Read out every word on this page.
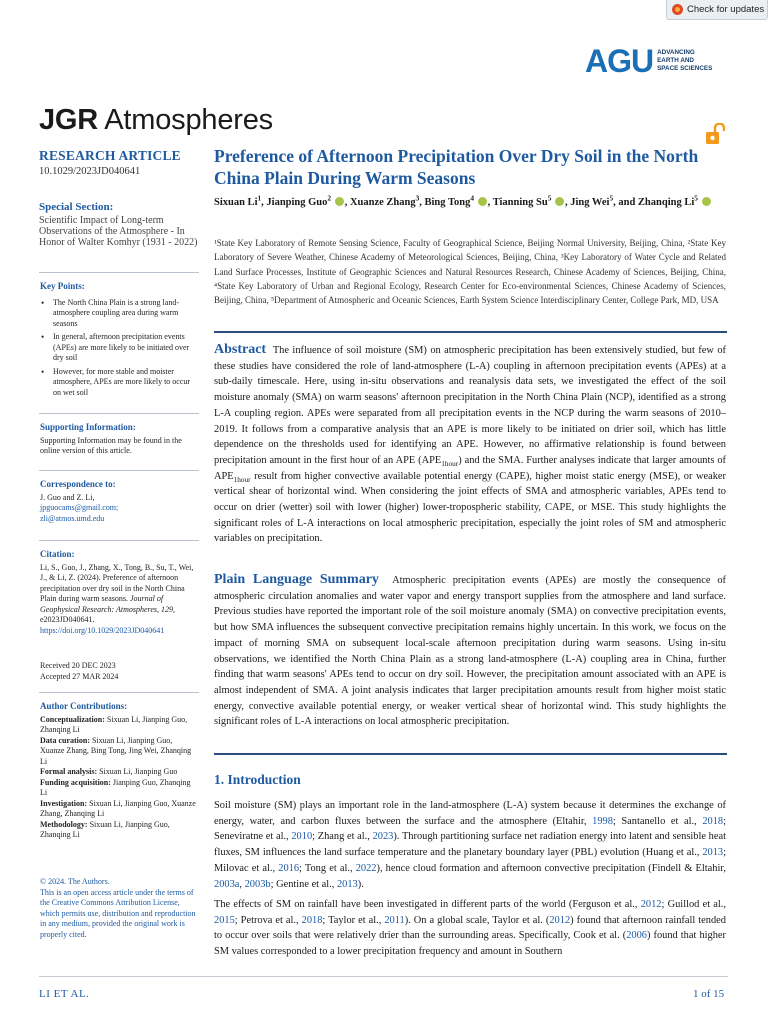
Check for updates
AGU ADVANCING
EARTH AND
SPACE SCIENCES
JGR Atmospheres
RESEARCH ARTICLE
10.1029/2023JD040641
Special Section:
Scientific Impact of Long-term Observations of the Atmosphere - In Honor of Walter Komhyr (1931 - 2022)
Key Points:
• The North China Plain is a strong land-atmosphere coupling area during warm seasons
• In general, afternoon precipitation events (APEs) are more likely to be initiated over dry soil
• However, for more stable and moister atmosphere, APEs are more likely to occur on wet soil
Supporting Information:
Supporting Information may be found in the online version of this article.
Correspondence to:
J. Guo and Z. Li,
jpguocams@gmail.com;
zli@atmos.umd.edu
Citation:
Li, S., Guo, J., Zhang, X., Tong, B., Su, T., Wei, J., & Li, Z. (2024). Preference of afternoon precipitation over dry soil in the North China Plain during warm seasons. Journal of Geophysical Research: Atmospheres, 129, e2023JD040641. https://doi.org/10.1029/2023JD040641
Received 20 DEC 2023
Accepted 27 MAR 2024
Author Contributions:
Conceptualization: Sixuan Li, Jianping Guo, Zhanqing Li
Data curation: Sixuan Li, Jianping Guo, Xuanze Zhang, Bing Tong, Jing Wei, Zhanqing Li
Formal analysis: Sixuan Li, Jianping Guo
Funding acquisition: Jianping Guo, Zhanqing Li
Investigation: Sixuan Li, Jianping Guo, Xuanze Zhang, Zhanqing Li
Methodology: Sixuan Li, Jianping Guo, Zhanqing Li
© 2024. The Authors.
This is an open access article under the terms of the Creative Commons Attribution License, which permits use, distribution and reproduction in any medium, provided the original work is properly cited.
Preference of Afternoon Precipitation Over Dry Soil in the North China Plain During Warm Seasons
Sixuan Li$^1$, Jianping Guo$^2$ , Xuanze Zhang$^3$, Bing Tong$^4$ , Tianning Su$^5$ , Jing Wei$^5$, and Zhanqing Li$^5$
¹State Key Laboratory of Remote Sensing Science, Faculty of Geographical Science, Beijing Normal University, Beijing, China, ²State Key Laboratory of Severe Weather, Chinese Academy of Meteorological Sciences, Beijing, China, ³Key Laboratory of Water Cycle and Related Land Surface Processes, Institute of Geographic Sciences and Natural Resources Research, Chinese Academy of Sciences, Beijing, China, ⁴State Key Laboratory of Urban and Regional Ecology, Research Center for Eco-environmental Sciences, Chinese Academy of Sciences, Beijing, China, ⁵Department of Atmospheric and Oceanic Sciences, Earth System Science Interdisciplinary Center, College Park, MD, USA
Abstract The influence of soil moisture (SM) on atmospheric precipitation has been extensively studied, but few of these studies have considered the role of land-atmosphere (L-A) coupling in afternoon precipitation events (APEs) at a sub-daily timescale. Here, using in-situ observations and reanalysis data sets, we investigated the effect of the soil moisture anomaly (SMA) on warm seasons' afternoon precipitation in the North China Plain (NCP), identified as a strong L-A coupling region. APEs were separated from all precipitation events in the NCP during the warm seasons of 2010–2019. It follows from a comparative analysis that an APE is more likely to be initiated on drier soil, which has little dependence on the thresholds used for identifying an APE. However, no affirmative relationship is found between precipitation amount in the first hour of an APE $(APE_{1hour})$ and the SMA. Further analyses indicate that larger amounts of $APE_{1hour}$ result from higher convective available potential energy (CAPE), higher moist static energy (MSE), or weaker vertical shear of horizontal wind. When considering the joint effects of SMA and atmospheric variables, APEs tend to occur on drier (wetter) soil with lower (higher) lower-tropospheric stability, CAPE, or MSE. This study highlights the significant roles of L-A interactions on local atmospheric precipitation, especially the joint roles of SM and atmospheric variables on precipitation.
Plain Language Summary Atmospheric precipitation events (APEs) are mostly the consequence of atmospheric circulation anomalies and water vapor and energy transport supplies from the atmosphere and land surface. Previous studies have reported the important role of the soil moisture anomaly (SMA) on convective precipitation events, but how SMA influences the subsequent convective precipitation remains highly uncertain. In this work, we focus on the impact of morning SMA on subsequent local-scale afternoon precipitation during warm seasons. Using in-situ observations, we identified the North China Plain as a strong land-atmosphere (L-A) coupling area in China, further finding that warm seasons' APEs tend to occur on dry soil. However, the precipitation amount associated with an APE is almost independent of SMA. A joint analysis indicates that larger precipitation amounts result from higher moist static energy, convective available potential energy, or weaker vertical shear of horizontal wind. This study highlights the significant roles of L-A interactions on local atmospheric precipitation.
1. Introduction
Soil moisture (SM) plays an important role in the land-atmosphere (L-A) system because it determines the exchange of energy, water, and carbon fluxes between the surface and the atmosphere (Eltahir, 1998; Santanello et al., 2018; Seneviratne et al., 2010; Zhang et al., 2023). Through partitioning surface net radiation energy into latent and sensible heat fluxes, SM influences the land surface temperature and the planetary boundary layer (PBL) evolution (Huang et al., 2013; Milovac et al., 2016; Tong et al., 2022), hence cloud formation and afternoon convective precipitation (Findell & Eltahir, 2003a, 2003b; Gentine et al., 2013).
The effects of SM on rainfall have been investigated in different parts of the world (Ferguson et al., 2012; Guillod et al., 2015; Petrova et al., 2018; Taylor et al., 2011). On a global scale, Taylor et al. (2012) found that afternoon rainfall tended to occur over soils that were relatively drier than the surrounding areas. Specifically, Cook et al. (2006) found that higher SM values corresponded to a lower precipitation frequency and amount in Southern
LI ET AL.	1 of 15
